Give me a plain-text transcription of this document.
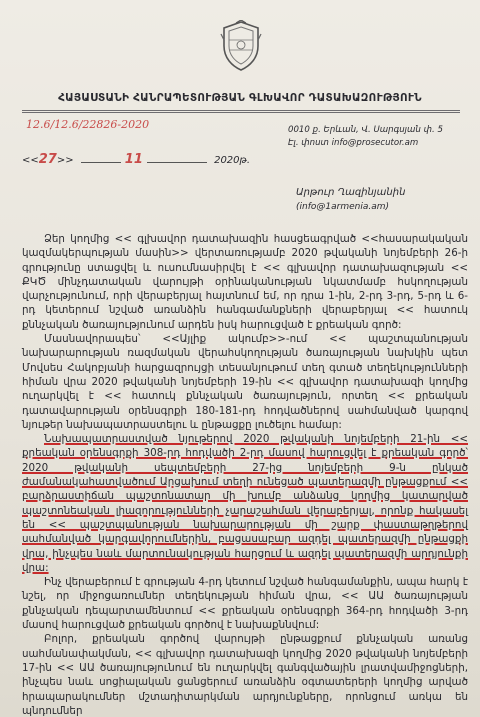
ՀԱՅԱՍՏԱՆԻ ՀԱՆՐԱՊԵՏՈՒԹՅԱՆ ԳԼԽԱՎՈՐ ԴԱՏԱԽԱԶՈՒԹՅՈՒՆ
12.6/12.6/22826-2020	0010 ք. Երևան, Վ. Սարգսյան փ. 5
Էլ. փոստ info@prosecutor.am
<<27>>	11	2020թ.
Արթուր Ղազինյանին
(info@1armenia.am)

Ձեր կողմից << գլխավոր դատախազին հասցեագրված <<հասարակական կազմակերպության մասին>> վերտառությամբ 2020 թվականի նոյեմբերի 26-ի գրությունը ստացվել և ուսումնասիրվել է << գլխավոր դատախազության << ՔԿԾ մինչդատական վարույթի օրինականության նկատմամբ հսկողության վարչությունում, որի վերաբերյալ հայտնում եմ, որ դրա 1-ին, 2-րդ 3-րդ, 5-րդ և 6-րդ կետերում նշված առանձին հանգամանքների վերաբերյալ << հատուկ քննչական ծառայությունում արդեն իսկ հարուցված է քրեական գործ:

Մասնավորապես՝ <<Այլիք ակումբ>>-ում << պաշտպանության նախարարության ռազմական վերահսկողության ծառայության նախկին պետ Մովսես Հակոբյանի հարցազրույցի տեսանյութում տեղ գտած տեղեկությունների հիման վրա 2020 թվականի նոյեմբերի 19-ին << գլխավոր դատախազի կողմից ուղարկվել է << հատուկ քննչական ծառայություն, որտեղ << քրեական դատավարության օրենսգրքի 180-181-րդ հոդվածներով սահմանված կարգով նյութեր նախապատրաստելու և ընթացքը լուծելու համար:

Նախապատրաստված նյութերով 2020 թվականի նոյեմբերի 21-ին << քրեական օրենսգրքի 308-րդ հոդվածի 2-րդ մասով հարուցվել է քրեական գործ՝ 2020 թվականի սեպտեմբերի 27-ից նոյեմբերի 9-ն ընկած ժամանակահատվածում Արցախում տեղի ունեցած պատերազմի ընթացքում << բարձրաստիճան պաշտոնատար մի խումբ անձանց կողմից կատարված պաշտոնեական լիազորությունների չարաշահման վերաբերյալ, որոնք հակասել են << պաշտպանության նախարարության մի շարք փաստաթղթերով սահմանված կարգավորումներին, բացասաբար ազդել պատերազմի ընթացքի վրա, ինչպես նաև մարտունակության հարցում և ազդել պատերազմի արդյունքի վրա:

Ինչ վերաբերում է գրության 4-րդ կետում նշված հանգամանքին, ապա հարկ է նշել, որ միջոցառումներ տեղեկության հիման վրա, << ԱԱ ծառայության քննչական դեպարտամենտում << քրեական օրենսգրքի 364-րդ հոդվածի 3-րդ մասով հարուցված քրեական գործով է նախաքննվում:

Բոլոր, քրեական գործով վարույթի ընթացքում քննչական առանց սահմանափակման, << գլխավոր դատախազի կողմից 2020 թվականի նոյեմբերի 17-ին << ԱԱ ծառայությունում են ուղարկվել գանգվածային լրատվամիջոցների, ինչպես նաև սոցիալական ցանցերում առանձին օգտատերերի կողմից արված հրապարակումներ մշտադիտարկման արդյունքները, որոնցում առկա են պնդումներ
